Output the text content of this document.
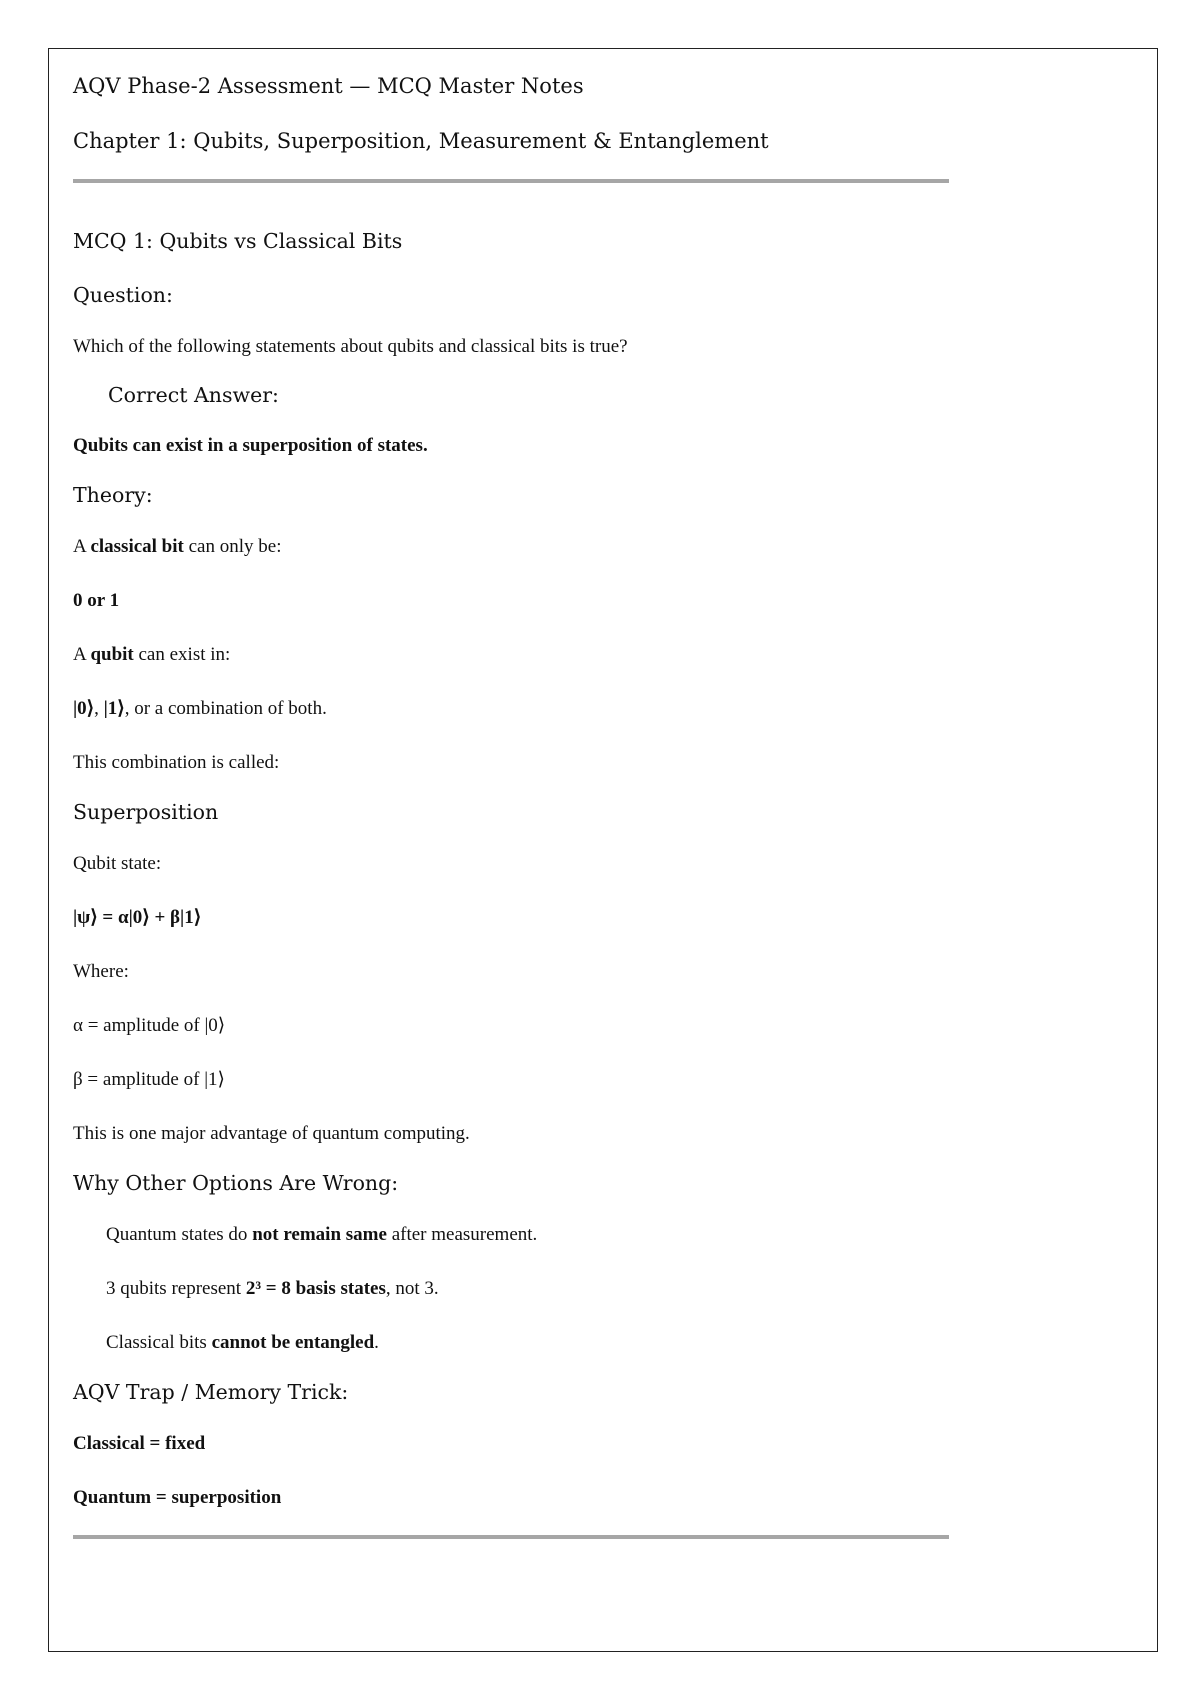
AQV Phase-2 Assessment — MCQ Master Notes
Chapter 1: Qubits, Superposition, Measurement & Entanglement
MCQ 1: Qubits vs Classical Bits
Question:
Which of the following statements about qubits and classical bits is true?
Correct Answer:
Qubits can exist in a superposition of states.
Theory:
A classical bit can only be:
0 or 1
A qubit can exist in:
|0⟩, |1⟩, or a combination of both.
This combination is called:
Superposition
Qubit state:
|ψ⟩ = α|0⟩ + β|1⟩
Where:
α = amplitude of |0⟩
β = amplitude of |1⟩
This is one major advantage of quantum computing.
Why Other Options Are Wrong:
Quantum states do not remain same after measurement.
3 qubits represent 2³ = 8 basis states, not 3.
Classical bits cannot be entangled.
AQV Trap / Memory Trick:
Classical = fixed
Quantum = superposition
